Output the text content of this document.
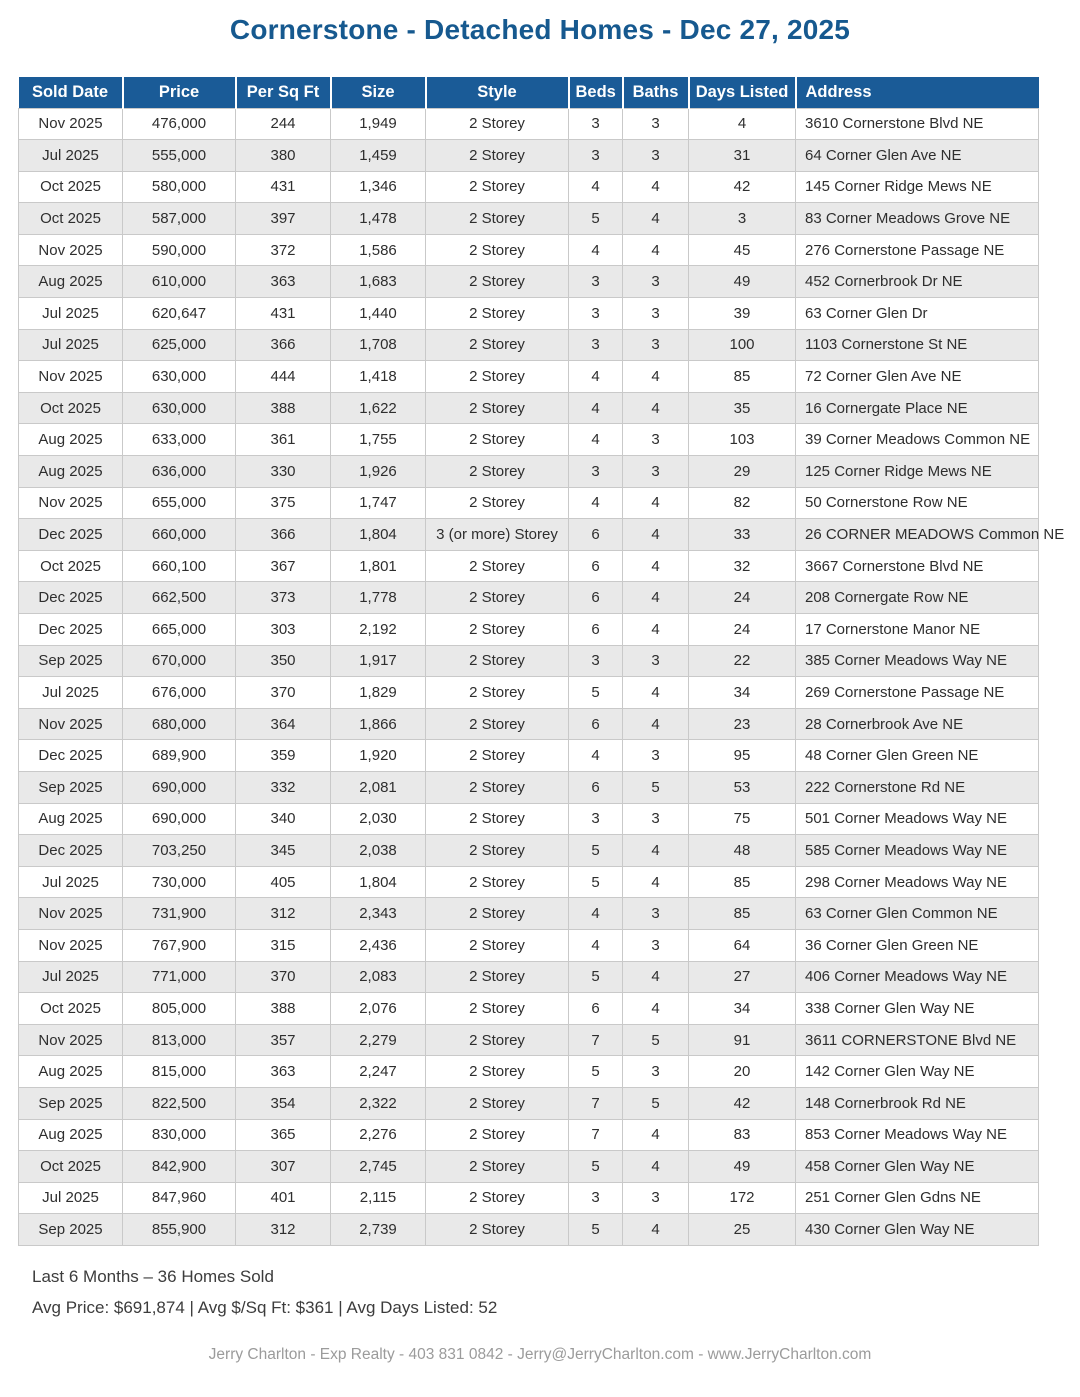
Cornerstone - Detached Homes - Dec 27, 2025
Sold Date	Price	Per Sq Ft	Size	Style	Beds	Baths	Days Listed	Address
Nov 2025	476,000	244	1,949	2 Storey	3	3	4	3610 Cornerstone Blvd NE
Jul 2025	555,000	380	1,459	2 Storey	3	3	31	64 Corner Glen Ave NE
Oct 2025	580,000	431	1,346	2 Storey	4	4	42	145 Corner Ridge Mews NE
Oct 2025	587,000	397	1,478	2 Storey	5	4	3	83 Corner Meadows Grove NE
Nov 2025	590,000	372	1,586	2 Storey	4	4	45	276 Cornerstone Passage NE
Aug 2025	610,000	363	1,683	2 Storey	3	3	49	452 Cornerbrook Dr NE
Jul 2025	620,647	431	1,440	2 Storey	3	3	39	63 Corner Glen Dr
Jul 2025	625,000	366	1,708	2 Storey	3	3	100	1103 Cornerstone St NE
Nov 2025	630,000	444	1,418	2 Storey	4	4	85	72 Corner Glen Ave NE
Oct 2025	630,000	388	1,622	2 Storey	4	4	35	16 Cornergate Place NE
Aug 2025	633,000	361	1,755	2 Storey	4	3	103	39 Corner Meadows Common NE
Aug 2025	636,000	330	1,926	2 Storey	3	3	29	125 Corner Ridge Mews NE
Nov 2025	655,000	375	1,747	2 Storey	4	4	82	50 Cornerstone Row NE
Dec 2025	660,000	366	1,804	3 (or more) Storey	6	4	33	26 CORNER MEADOWS Common NE
Oct 2025	660,100	367	1,801	2 Storey	6	4	32	3667 Cornerstone Blvd NE
Dec 2025	662,500	373	1,778	2 Storey	6	4	24	208 Cornergate Row NE
Dec 2025	665,000	303	2,192	2 Storey	6	4	24	17 Cornerstone Manor NE
Sep 2025	670,000	350	1,917	2 Storey	3	3	22	385 Corner Meadows Way NE
Jul 2025	676,000	370	1,829	2 Storey	5	4	34	269 Cornerstone Passage NE
Nov 2025	680,000	364	1,866	2 Storey	6	4	23	28 Cornerbrook Ave NE
Dec 2025	689,900	359	1,920	2 Storey	4	3	95	48 Corner Glen Green NE
Sep 2025	690,000	332	2,081	2 Storey	6	5	53	222 Cornerstone Rd NE
Aug 2025	690,000	340	2,030	2 Storey	3	3	75	501 Corner Meadows Way NE
Dec 2025	703,250	345	2,038	2 Storey	5	4	48	585 Corner Meadows Way NE
Jul 2025	730,000	405	1,804	2 Storey	5	4	85	298 Corner Meadows Way NE
Nov 2025	731,900	312	2,343	2 Storey	4	3	85	63 Corner Glen Common NE
Nov 2025	767,900	315	2,436	2 Storey	4	3	64	36 Corner Glen Green NE
Jul 2025	771,000	370	2,083	2 Storey	5	4	27	406 Corner Meadows Way NE
Oct 2025	805,000	388	2,076	2 Storey	6	4	34	338 Corner Glen Way NE
Nov 2025	813,000	357	2,279	2 Storey	7	5	91	3611 CORNERSTONE Blvd NE
Aug 2025	815,000	363	2,247	2 Storey	5	3	20	142 Corner Glen Way NE
Sep 2025	822,500	354	2,322	2 Storey	7	5	42	148 Cornerbrook Rd NE
Aug 2025	830,000	365	2,276	2 Storey	7	4	83	853 Corner Meadows Way NE
Oct 2025	842,900	307	2,745	2 Storey	5	4	49	458 Corner Glen Way NE
Jul 2025	847,960	401	2,115	2 Storey	3	3	172	251 Corner Glen Gdns NE
Sep 2025	855,900	312	2,739	2 Storey	5	4	25	430 Corner Glen Way NE
Last 6 Months – 36 Homes Sold
Avg Price: $691,874 | Avg $/Sq Ft: $361 | Avg Days Listed: 52
Jerry Charlton - Exp Realty - 403 831 0842 - Jerry@JerryCharlton.com - www.JerryCharlton.com
